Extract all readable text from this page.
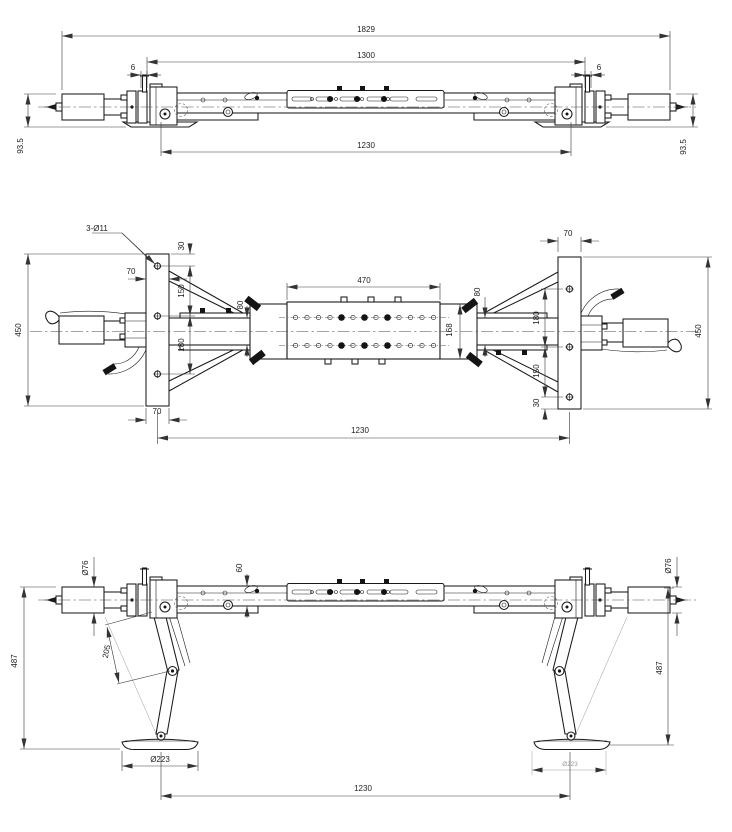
1829
1300
6	6
93.5	93.5
1230
3-Ø11
30
70
150
180
450
80
470
168
80
70
180
150
30
450
70
1230
Ø76	60
487
205
Ø223
Ø223
487
Ø76
1230
